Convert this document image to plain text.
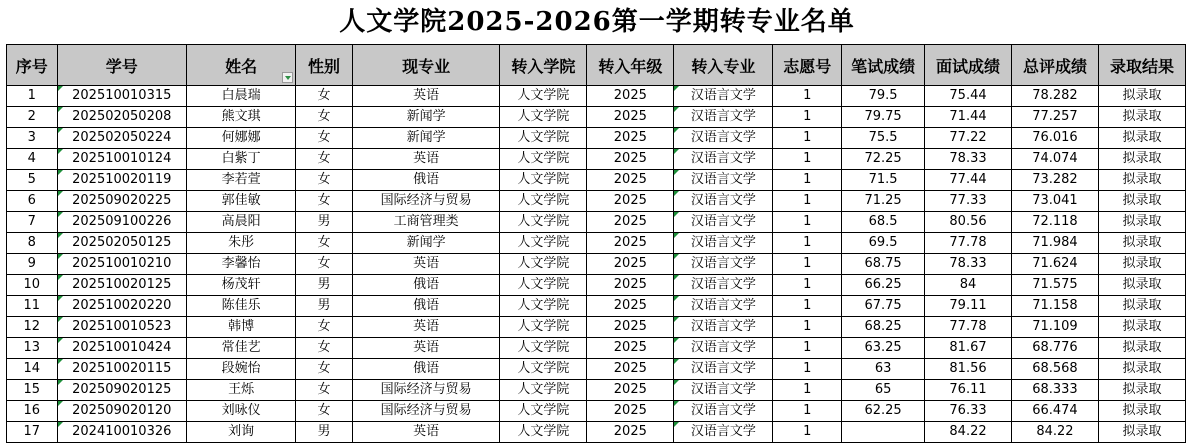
人文学院2025-2026第一学期转专业名单
序号	学号	姓名	性别	现专业	转入学院	转入年级	转入专业	志愿号	笔试成绩	面试成绩	总评成绩	录取结果
1	202510010315	白晨瑞	女	英语	人文学院	2025	汉语言文学	1	79.5	75.44	78.282	拟录取
2	202502050208	熊文琪	女	新闻学	人文学院	2025	汉语言文学	1	79.75	71.44	77.257	拟录取
3	202502050224	何娜娜	女	新闻学	人文学院	2025	汉语言文学	1	75.5	77.22	76.016	拟录取
4	202510010124	白紫丁	女	英语	人文学院	2025	汉语言文学	1	72.25	78.33	74.074	拟录取
5	202510020119	李若萱	女	俄语	人文学院	2025	汉语言文学	1	71.5	77.44	73.282	拟录取
6	202509020225	郭佳敏	女	国际经济与贸易	人文学院	2025	汉语言文学	1	71.25	77.33	73.041	拟录取
7	202509100226	高晨阳	男	工商管理类	人文学院	2025	汉语言文学	1	68.5	80.56	72.118	拟录取
8	202502050125	朱彤	女	新闻学	人文学院	2025	汉语言文学	1	69.5	77.78	71.984	拟录取
9	202510010210	李馨怡	女	英语	人文学院	2025	汉语言文学	1	68.75	78.33	71.624	拟录取
10	202510020125	杨茂轩	男	俄语	人文学院	2025	汉语言文学	1	66.25	84	71.575	拟录取
11	202510020220	陈佳乐	男	俄语	人文学院	2025	汉语言文学	1	67.75	79.11	71.158	拟录取
12	202510010523	韩博	女	英语	人文学院	2025	汉语言文学	1	68.25	77.78	71.109	拟录取
13	202510010424	常佳艺	女	英语	人文学院	2025	汉语言文学	1	63.25	81.67	68.776	拟录取
14	202510020115	段婉怡	女	俄语	人文学院	2025	汉语言文学	1	63	81.56	68.568	拟录取
15	202509020125	王烁	女	国际经济与贸易	人文学院	2025	汉语言文学	1	65	76.11	68.333	拟录取
16	202509020120	刘咏仪	女	国际经济与贸易	人文学院	2025	汉语言文学	1	62.25	76.33	66.474	拟录取
17	202410010326	刘询	男	英语	人文学院	2025	汉语言文学	1		84.22	84.22	拟录取
